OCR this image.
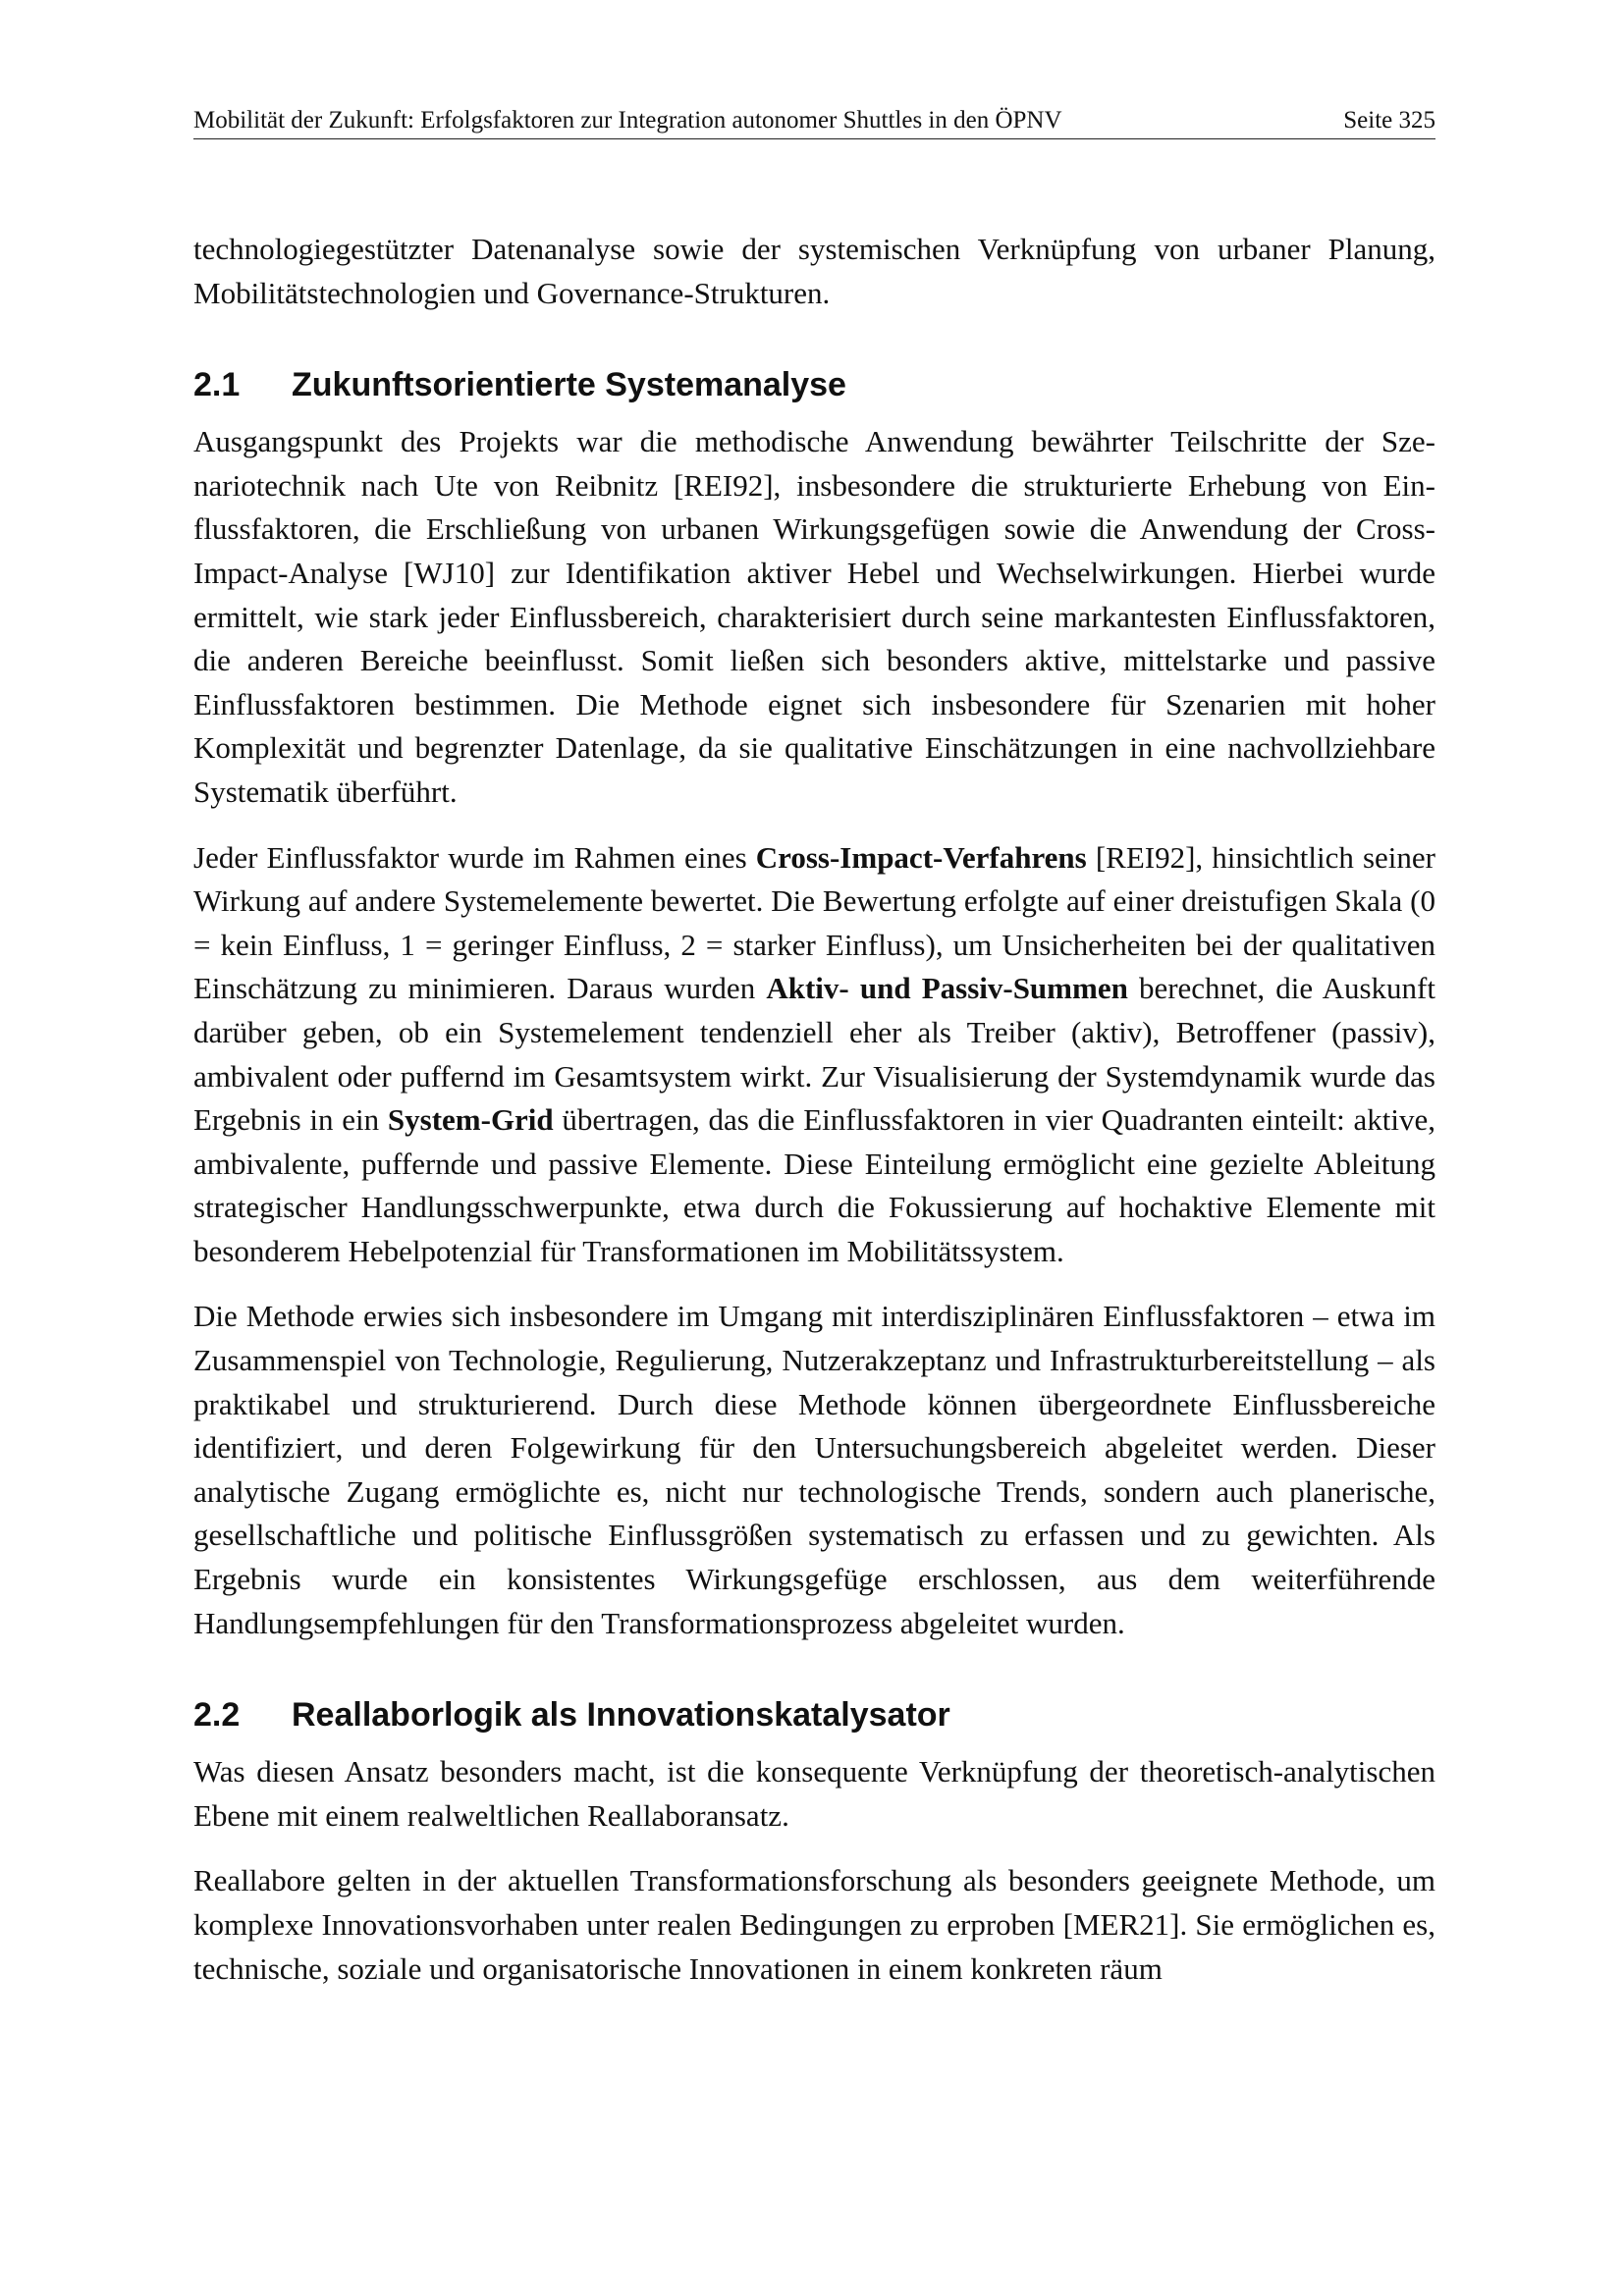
Mobilität der Zukunft: Erfolgsfaktoren zur Integration autonomer Shuttles in den ÖPNV	Seite 325

technologiegestützter Datenanalyse sowie der systemischen Verknüpfung von urbaner Planung, Mobilitätstechnologien und Governance-Strukturen.

2.1	Zukunftsorientierte Systemanalyse

Ausgangspunkt des Projekts war die methodische Anwendung bewährter Teilschritte der Szenariotechnik nach Ute von Reibnitz [REI92], insbesondere die strukturierte Erhebung von Einflussfaktoren, die Erschließung von urbanen Wirkungsgefügen sowie die Anwendung der Cross-Impact-Analyse [WJ10] zur Identifikation aktiver Hebel und Wechselwirkungen. Hierbei wurde ermittelt, wie stark jeder Einflussbereich, charakterisiert durch seine markantesten Einflussfaktoren, die anderen Bereiche beeinflusst. Somit ließen sich besonders aktive, mittelstarke und passive Einflussfaktoren bestimmen. Die Methode eignet sich insbesondere für Szenarien mit hoher Komplexität und begrenzter Datenlage, da sie qualitative Einschätzungen in eine nachvollziehbare Systematik überführt.

Jeder Einflussfaktor wurde im Rahmen eines Cross-Impact-Verfahrens [REI92], hinsichtlich seiner Wirkung auf andere Systemelemente bewertet. Die Bewertung erfolgte auf einer dreistufigen Skala (0 = kein Einfluss, 1 = geringer Einfluss, 2 = starker Einfluss), um Unsicherheiten bei der qualitativen Einschätzung zu minimieren. Daraus wurden Aktiv- und Passiv-Summen berechnet, die Auskunft darüber geben, ob ein Systemelement tendenziell eher als Treiber (aktiv), Betroffener (passiv), ambivalent oder puffernd im Gesamtsystem wirkt. Zur Visualisierung der Systemdynamik wurde das Ergebnis in ein System-Grid übertragen, das die Einflussfaktoren in vier Quadranten einteilt: aktive, ambivalente, puffernde und passive Elemente. Diese Einteilung ermöglicht eine gezielte Ableitung strategischer Handlungsschwerpunkte, etwa durch die Fokussierung auf hochaktive Elemente mit besonderem Hebelpotenzial für Transformationen im Mobilitätssystem.

Die Methode erwies sich insbesondere im Umgang mit interdisziplinären Einflussfaktoren – etwa im Zusammenspiel von Technologie, Regulierung, Nutzerakzeptanz und Infrastrukturbereitstellung – als praktikabel und strukturierend. Durch diese Methode können übergeordnete Einflussbereiche identifiziert, und deren Folgewirkung für den Untersuchungsbereich abgeleitet werden. Dieser analytische Zugang ermöglichte es, nicht nur technologische Trends, sondern auch planerische, gesellschaftliche und politische Einflussgrößen systematisch zu erfassen und zu gewichten. Als Ergebnis wurde ein konsistentes Wirkungsgefüge erschlossen, aus dem weiterführende Handlungsempfehlungen für den Transformationsprozess abgeleitet wurden.

2.2	Reallaborlogik als Innovationskatalysator

Was diesen Ansatz besonders macht, ist die konsequente Verknüpfung der theoretisch-analytischen Ebene mit einem realweltlichen Reallaboransatz.

Reallabore gelten in der aktuellen Transformationsforschung als besonders geeignete Methode, um komplexe Innovationsvorhaben unter realen Bedingungen zu erproben [MER21]. Sie ermöglichen es, technische, soziale und organisatorische Innovationen in einem konkreten räum
